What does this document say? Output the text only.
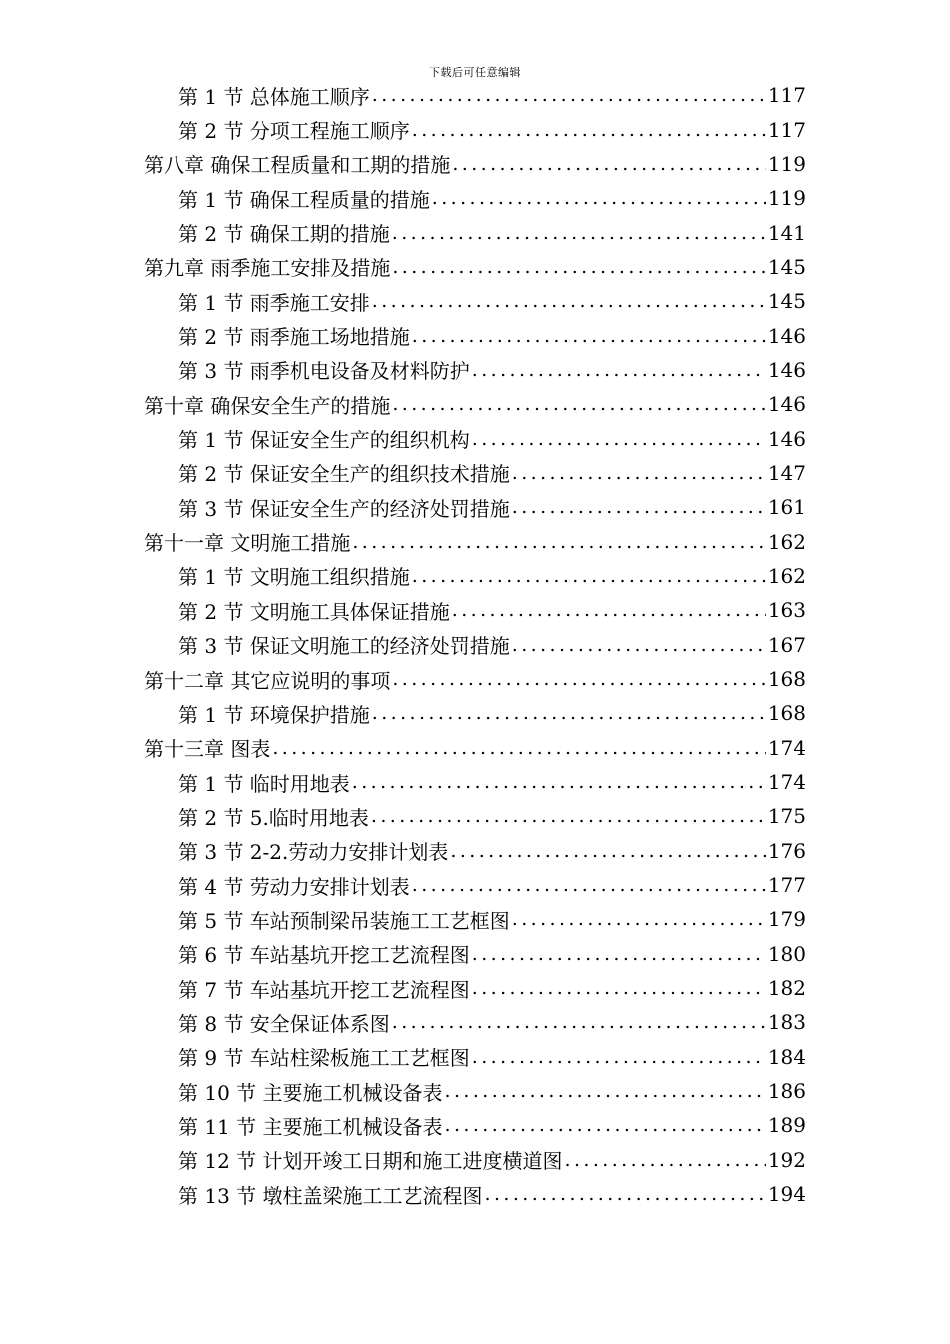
下载后可任意编辑
第 1 节 总体施工顺序 .....	117
第 2 节 分项工程施工顺序 .....	117
第八章 确保工程质量和工期的措施 .....	119
第 1 节 确保工程质量的措施 .....	119
第 2 节 确保工期的措施 .....	141
第九章 雨季施工安排及措施 .....	145
第 1 节 雨季施工安排 .....	145
第 2 节 雨季施工场地措施 .....	146
第 3 节 雨季机电设备及材料防护 .....	146
第十章 确保安全生产的措施 .....	146
第 1 节 保证安全生产的组织机构 .....	146
第 2 节 保证安全生产的组织技术措施 .....	147
第 3 节 保证安全生产的经济处罚措施 .....	161
第十一章 文明施工措施 .....	162
第 1 节 文明施工组织措施 .....	162
第 2 节 文明施工具体保证措施 .....	163
第 3 节 保证文明施工的经济处罚措施 .....	167
第十二章 其它应说明的事项 .....	168
第 1 节 环境保护措施 .....	168
第十三章 图表 .....	174
第 1 节 临时用地表 .....	174
第 2 节 5.临时用地表 .....	175
第 3 节 2-2.劳动力安排计划表 .....	176
第 4 节 劳动力安排计划表 .....	177
第 5 节 车站预制梁吊装施工工艺框图 .....	179
第 6 节 车站基坑开挖工艺流程图 .....	180
第 7 节 车站基坑开挖工艺流程图 .....	182
第 8 节 安全保证体系图 .....	183
第 9 节 车站柱梁板施工工艺框图 .....	184
第 10 节 主要施工机械设备表 .....	186
第 11 节 主要施工机械设备表 .....	189
第 12 节 计划开竣工日期和施工进度横道图 .....	192
第 13 节 墩柱盖梁施工工艺流程图 .....	194
